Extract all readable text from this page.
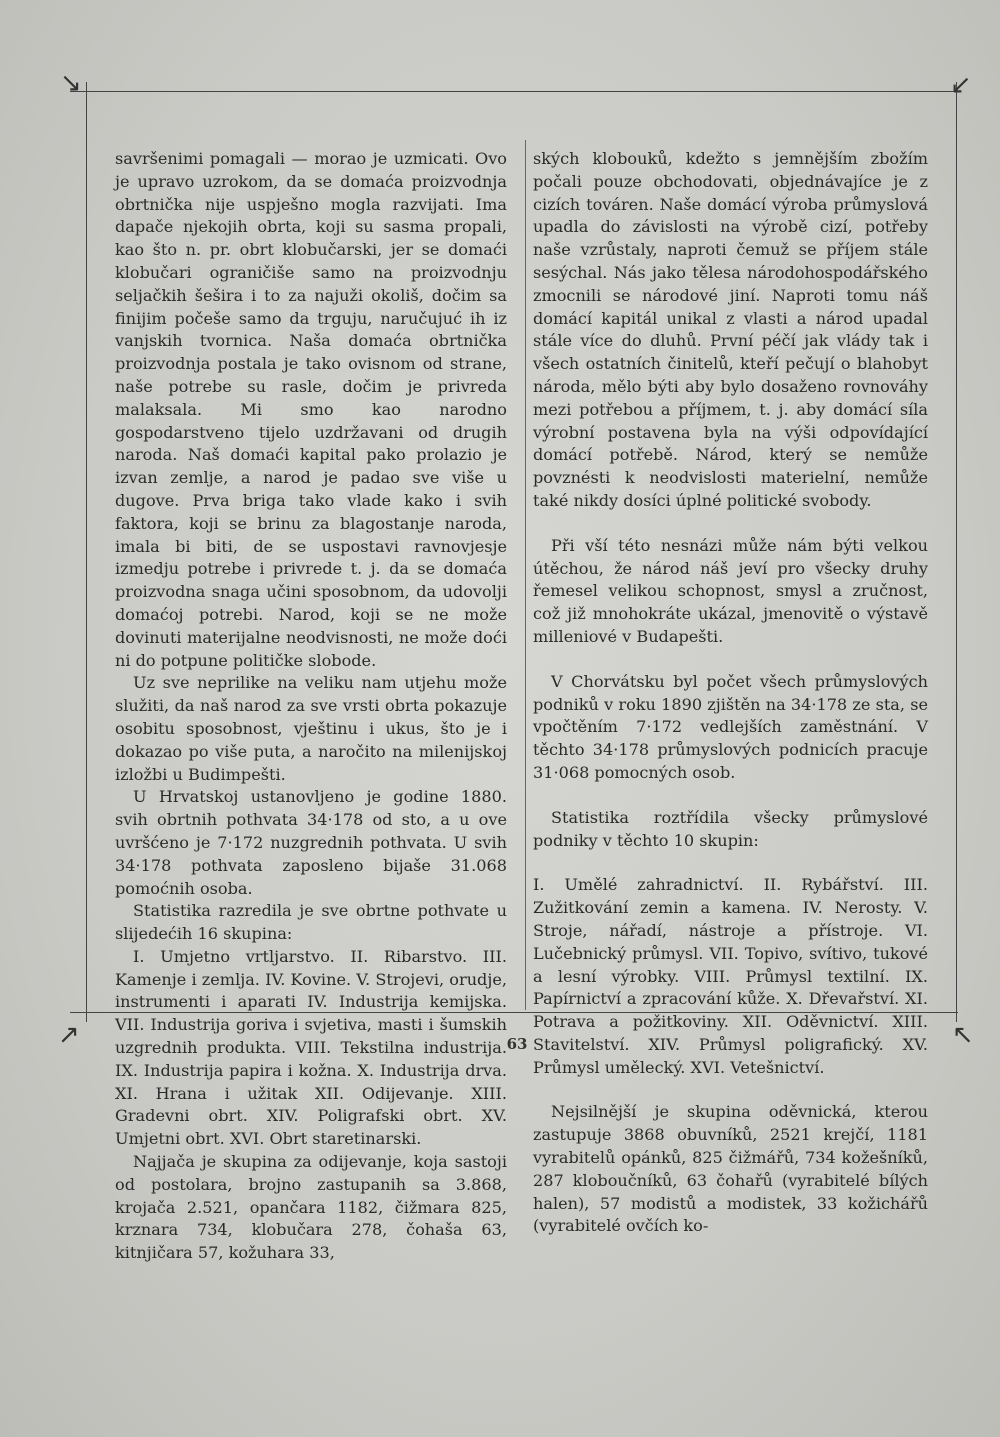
↘	↙
↗	↖

savršenimi pomagali — morao je uzmicati. Ovo je upravo uzrokom, da se domaća proizvodnja obrtnička nije uspješno mogla razvijati. Ima dapače njekojih obrta, koji su sasma propali, kao što n. pr. obrt klobučarski, jer se domaći klobučari ograničiše samo na proizvodnju seljačkih šešira i to za najuži okoliš, dočim sa finijim počeše samo da trguju, naručujuć ih iz vanjskih tvornica. Naša domaća obrtnička proizvodnja postala je tako ovisnom od strane, naše potrebe su rasle, dočim je privreda malaksala. Mi smo kao narodno gospodarstveno tijelo uzdržavani od drugih naroda. Naš domaći kapital pako prolazio je izvan zemlje, a narod je padao sve više u dugove. Prva briga tako vlade kako i svih faktora, koji se brinu za blagostanje naroda, imala bi biti, de se uspostavi ravnovjesje izmedju potrebe i privrede t. j. da se domaća proizvodna snaga učini sposobnom, da udovolji domaćoj potrebi. Narod, koji se ne može dovinuti materijalne neodvisnosti, ne može doći ni do potpune političke slobode.

Uz sve neprilike na veliku nam utjehu može služiti, da naš narod za sve vrsti obrta pokazuje osobitu sposobnost, vještinu i ukus, što je i dokazao po više puta, a naročito na milenijskoj izložbi u Budimpešti.

U Hrvatskoj ustanovljeno je godine 1880. svih obrtnih pothvata 34·178 od sto, a u ove uvršćeno je 7·172 nuzgrednih pothvata. U svih 34·178 pothvata zaposleno bijaše 31.068 pomoćnih osoba.

Statistika razredila je sve obrtne pothvate u slijedećih 16 skupina:

I. Umjetno vrtljarstvo. II. Ribarstvo. III. Kamenje i zemlja. IV. Kovine. V. Strojevi, orudje, instrumenti i aparati IV. Industrija kemijska. VII. Industrija goriva i svjetiva, masti i šumskih uzgrednih produkta. VIII. Tekstilna industrija. IX. Industrija papira i kožna. X. Industrija drva. XI. Hrana i užitak XII. Odijevanje. XIII. Gradevni obrt. XIV. Poligrafski obrt. XV. Umjetni obrt. XVI. Obrt staretinarski.

Najjača je skupina za odijevanje, koja sastoji od postolara, brojno zastupanih sa 3.868, krojača 2.521, opančara 1182, čižmara 825, krznara 734, klobučara 278, čohaša 63, kitnjičara 57, kožuhara 33,

ských klobouků, kdežto s jemnějším zbožím počali pouze obchodovati, objednávajíce je z cizích továren. Naše domácí výroba průmyslová upadla do závislosti na výrobě cizí, potřeby naše vzrůstaly, naproti čemuž se příjem stále sesýchal. Nás jako tělesa národohospodářského zmocnili se národové jiní. Naproti tomu náš domácí kapitál unikal z vlasti a národ upadal stále více do dluhů. První péčí jak vlády tak i všech ostatních činitelů, kteří pečují o blahobyt národa, mělo býti aby bylo dosaženo rovnováhy mezi potřebou a příjmem, t. j. aby domácí síla výrobní postavena byla na výši odpovídající domácí potřebě. Národ, který se nemůže povznésti k neodvislosti materielní, nemůže také nikdy dosíci úplné politické svobody.

Při vší této nesnázi může nám býti velkou útěchou, že národ náš jeví pro všecky druhy řemesel velikou schopnost, smysl a zručnost, což již mnohokráte ukázal, jmenovitě o výstavě milleniové v Budapešti.

V Chorvátsku byl počet všech průmyslových podniků v roku 1890 zjištěn na 34·178 ze sta, se vpočtěním 7·172 vedlejších zaměstnání. V těchto 34·178 průmyslových podnicích pracuje 31·068 pomocných osob.

Statistika roztřídila všecky průmyslové podniky v těchto 10 skupin:

I. Umělé zahradnictví. II. Rybářství. III. Zužitkování zemin a kamena. IV. Nerosty. V. Stroje, nářadí, nástroje a přístroje. VI. Lučebnický průmysl. VII. Topivo, svítivo, tukové a lesní výrobky. VIII. Průmysl textilní. IX. Papírnictví a zpracování kůže. X. Dřevařství. XI. Potrava a požitkoviny. XII. Oděvnictví. XIII. Stavitelství. XIV. Průmysl poligrafický. XV. Průmysl umělecký. XVI. Vetešnictví.

Nejsilnější je skupina oděvnická, kterou zastupuje 3868 obuvníků, 2521 krejčí, 1181 vyrabitelů opánků, 825 čižmářů, 734 kožešníků, 287 kloboučníků, 63 čohařů (vyrabitelé bílých halen), 57 modistů a modistek, 33 kožichářů (vyrabitelé ovčích ko-

63
